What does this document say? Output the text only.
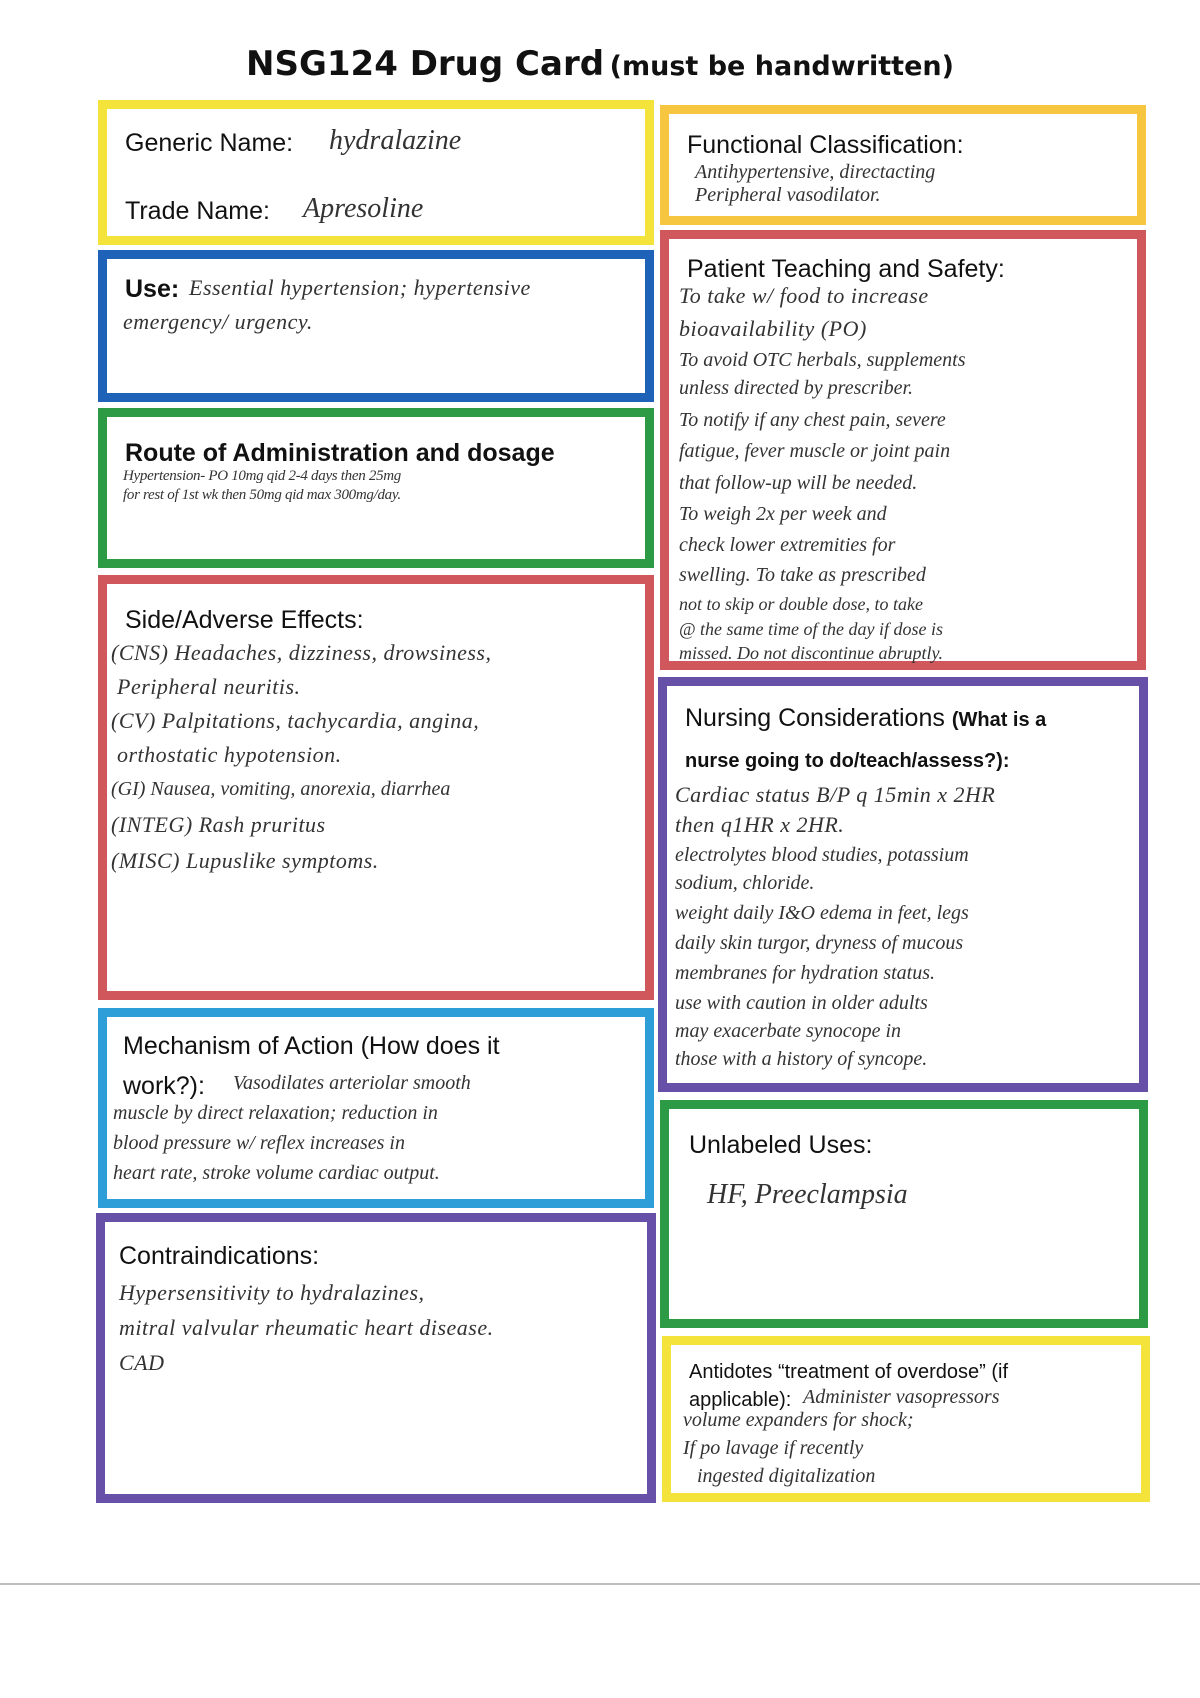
NSG124 Drug Card (must be handwritten)
Generic Name: hydralazine
Trade Name: Apresoline
Functional Classification:
Antihypertensive, directacting
Peripheral vasodilator.
Use: Essential hypertension; hypertensive
emergency/ urgency.
Route of Administration and dosage
Hypertension- PO 10mg qid 2-4 days then 25mg
for rest of 1st wk then 50mg qid max 300mg/day.
Patient Teaching and Safety:
To take w/ food to increase
bioavailability (PO)
To avoid OTC herbals, supplements
unless directed by prescriber.
To notify if any chest pain, severe
fatigue, fever muscle or joint pain
that follow-up will be needed.
To weigh 2x per week and
check lower extremities for
swelling. To take as prescribed
not to skip or double dose, to take
@ the same time of the day if dose is
missed. Do not discontinue abruptly.
Side/Adverse Effects:
(CNS) Headaches, dizziness, drowsiness,
Peripheral neuritis.
(CV) Palpitations, tachycardia, angina,
orthostatic hypotension.
(GI) Nausea, vomiting, anorexia, diarrhea
(INTEG) Rash pruritus
(MISC) Lupuslike symptoms.
Nursing Considerations (What is a
nurse going to do/teach/assess?):
Cardiac status B/P q 15min x 2HR
then q1HR x 2HR.
electrolytes blood studies, potassium
sodium, chloride.
weight daily I&O edema in feet, legs
daily skin turgor, dryness of mucous
membranes for hydration status.
use with caution in older adults
may exacerbate synocope in
those with a history of syncope.
Mechanism of Action (How does it
work?): Vasodilates arteriolar smooth
muscle by direct relaxation; reduction in
blood pressure w/ reflex increases in
heart rate, stroke volume cardiac output.
Unlabeled Uses:
HF, Preeclampsia
Contraindications:
Hypersensitivity to hydralazines,
mitral valvular rheumatic heart disease.
CAD	Antidotes “treatment of overdose” (if
applicable): Administer vasopressors
volume expanders for shock;
If po lavage if recently
ingested digitalization
